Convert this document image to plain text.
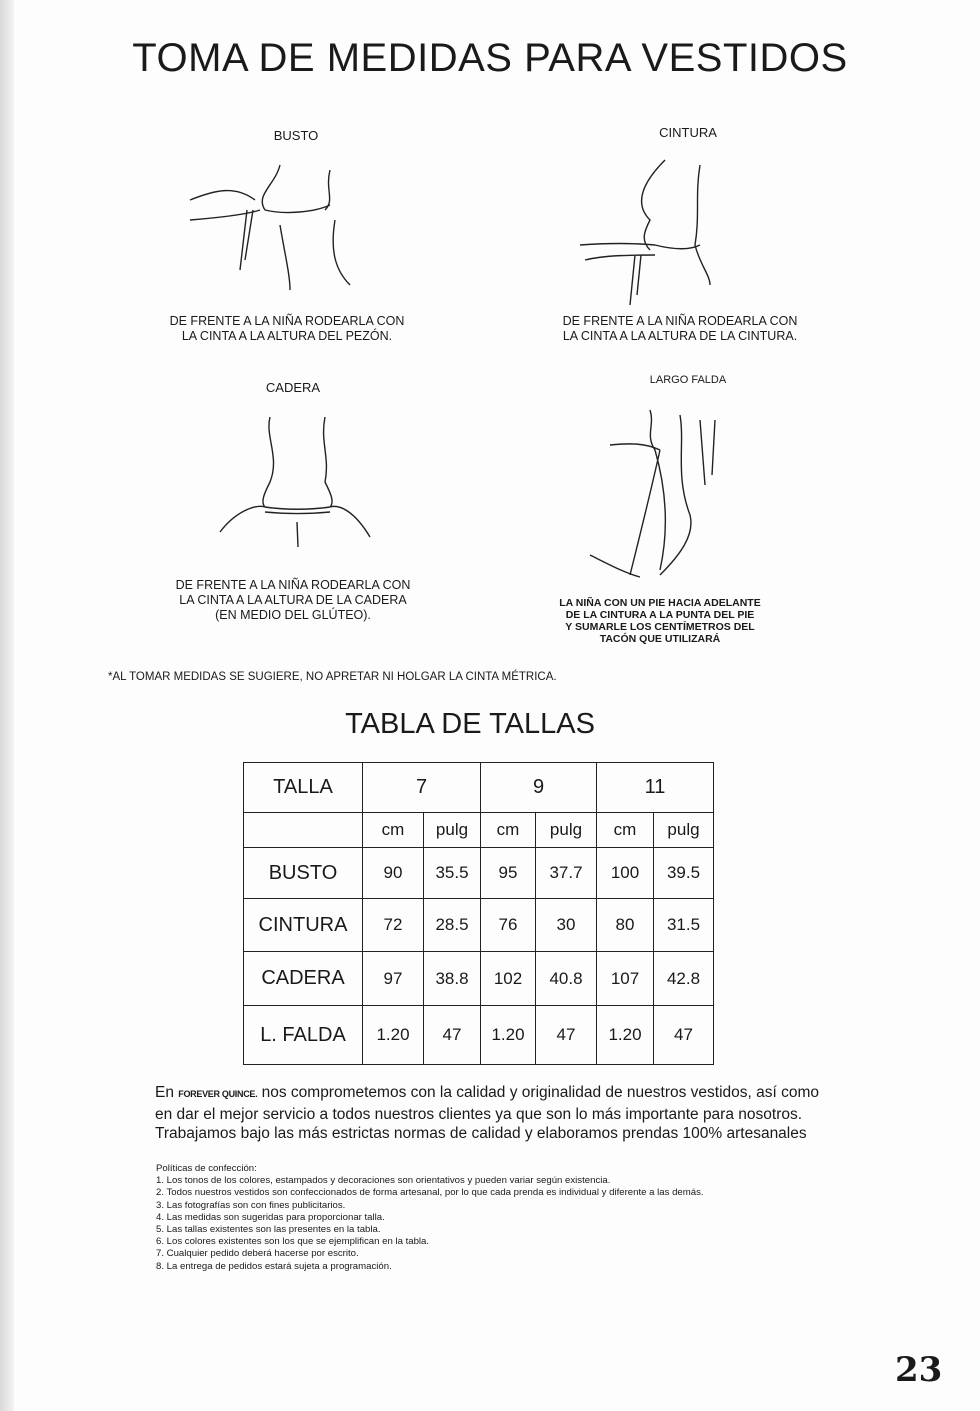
TOMA DE MEDIDAS PARA VESTIDOS
BUSTO
DE FRENTE A LA NIÑA RODEARLA CON
LA CINTA A LA ALTURA DEL PEZÓN.
CINTURA
DE FRENTE A LA NIÑA RODEARLA CON
LA CINTA A LA ALTURA DE LA CINTURA.
CADERA
DE FRENTE A LA NIÑA RODEARLA CON
LA CINTA A LA ALTURA DE LA CADERA
(EN MEDIO DEL GLÚTEO).
LARGO FALDA
LA NIÑA CON UN PIE HACIA ADELANTE
DE LA CINTURA A LA PUNTA DEL PIE
Y SUMARLE LOS CENTÍMETROS DEL
TACÓN QUE UTILIZARÁ
*AL TOMAR MEDIDAS SE SUGIERE, NO APRETAR NI HOLGAR LA CINTA MÉTRICA.
TABLA DE TALLAS
TALLA	7		9		11	
	cm	pulg	cm	pulg	cm	pulg
BUSTO	90	35.5	95	37.7	100	39.5
CINTURA	72	28.5	76	30	80	31.5
CADERA	97	38.8	102	40.8	107	42.8
L. FALDA	1.20	47	1.20	47	1.20	47
En FOREVER QUINCE. nos comprometemos con la calidad y originalidad de nuestros vestidos, así como
en dar el mejor servicio a todos nuestros clientes ya que son lo más importante para nosotros.
Trabajamos bajo las más estrictas normas de calidad y elaboramos prendas 100% artesanales
Políticas de confección:
1. Los tonos de los colores, estampados y decoraciones son orientativos y pueden variar según existencia.
2. Todos nuestros vestidos son confeccionados de forma artesanal, por lo que cada prenda es individual y diferente a las demás.
3. Las fotografías son con fines publicitarios.
4. Las medidas son sugeridas para proporcionar talla.
5. Las tallas existentes son las presentes en la tabla.
6. Los colores existentes son los que se ejemplifican en la tabla.
7. Cualquier pedido deberá hacerse por escrito.
8. La entrega de pedidos estará sujeta a programación.
23
